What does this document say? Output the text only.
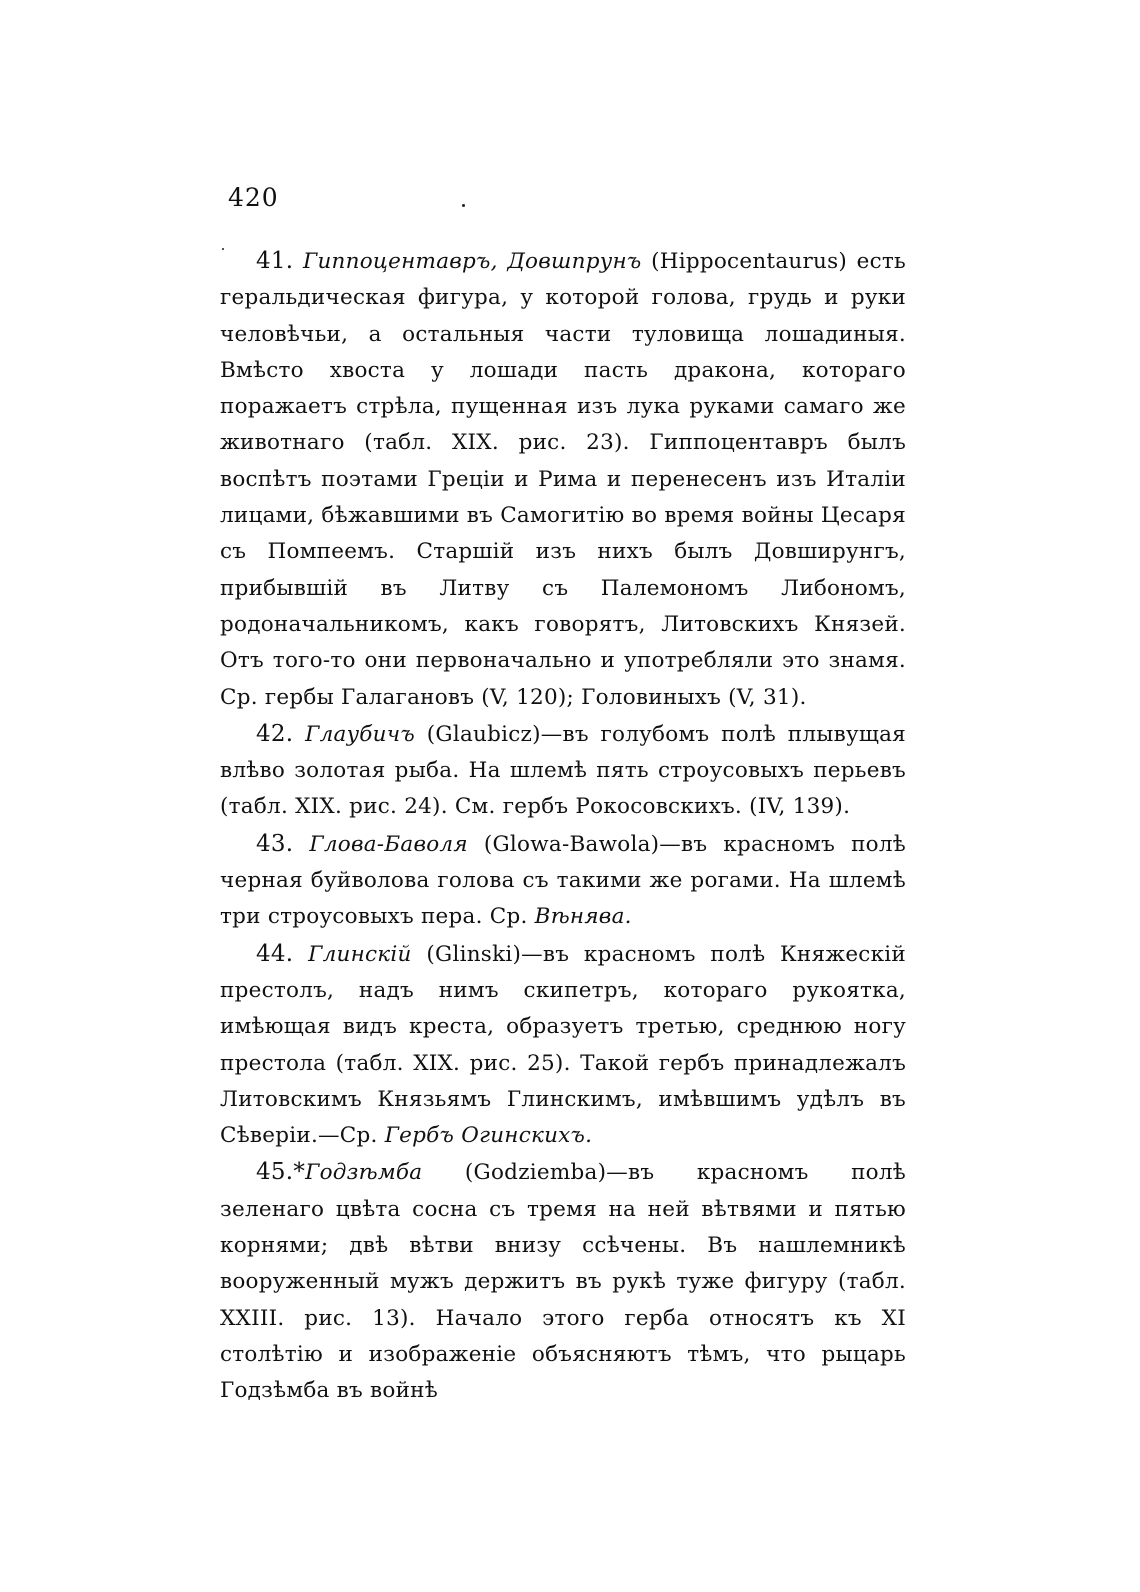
420

41. Гиппоцентавръ, Довшпрунъ (Hippocentaurus) есть геральдическая фигура, у которой голова, грудь и руки человѣчьи, а остальныя части туловища лошадиныя. Вмѣсто хвоста у лошади пасть дракона, котораго поражаетъ стрѣла, пущенная изъ лука руками самаго же животнаго (табл. XIX. рис. 23). Гиппоцентавръ былъ воспѣтъ поэтами Греціи и Рима и перенесенъ изъ Италіи лицами, бѣжавшими въ Самогитію во время войны Цесаря съ Помпеемъ. Старшій изъ нихъ былъ Довширунгъ, прибывшій въ Литву съ Палемономъ Либономъ, родоначальникомъ, какъ говорятъ, Литовскихъ Князей. Отъ того-то они первоначально и употребляли это знамя. Ср. гербы Галагановъ (V, 120); Головиныхъ (V, 31).

42. Глаубичъ (Glaubicz)—въ голубомъ полѣ плывущая влѣво золотая рыба. На шлемѣ пять строусовыхъ перьевъ (табл. XIX. рис. 24). См. гербъ Рокосовскихъ. (IV, 139).

43. Глова-Баволя (Glowa-Bawola)—въ красномъ полѣ черная буйволова голова съ такими же рогами. На шлемѣ три строусовыхъ пера. Ср. Вѣнява.

44. Глинскій (Glinski)—въ красномъ полѣ Княжескій престолъ, надъ нимъ скипетръ, котораго рукоятка, имѣющая видъ креста, образуетъ третью, среднюю ногу престола (табл. XIX. рис. 25). Такой гербъ принадлежалъ Литовскимъ Князьямъ Глинскимъ, имѣвшимъ удѣлъ въ Сѣверіи.—Ср. Гербъ Огинскихъ.

45.*Годзѣмба (Godziemba)—въ красномъ полѣ зеленаго цвѣта сосна съ тремя на ней вѣтвями и пятью корнями; двѣ вѣтви внизу ссѣчены. Въ нашлемникѣ вооруженный мужъ держитъ въ рукѣ туже фигуру (табл. XXIII. рис. 13). Начало этого герба относятъ къ XI столѣтію и изображеніе объясняютъ тѣмъ, что рыцарь Годзѣмба въ войнѣ
